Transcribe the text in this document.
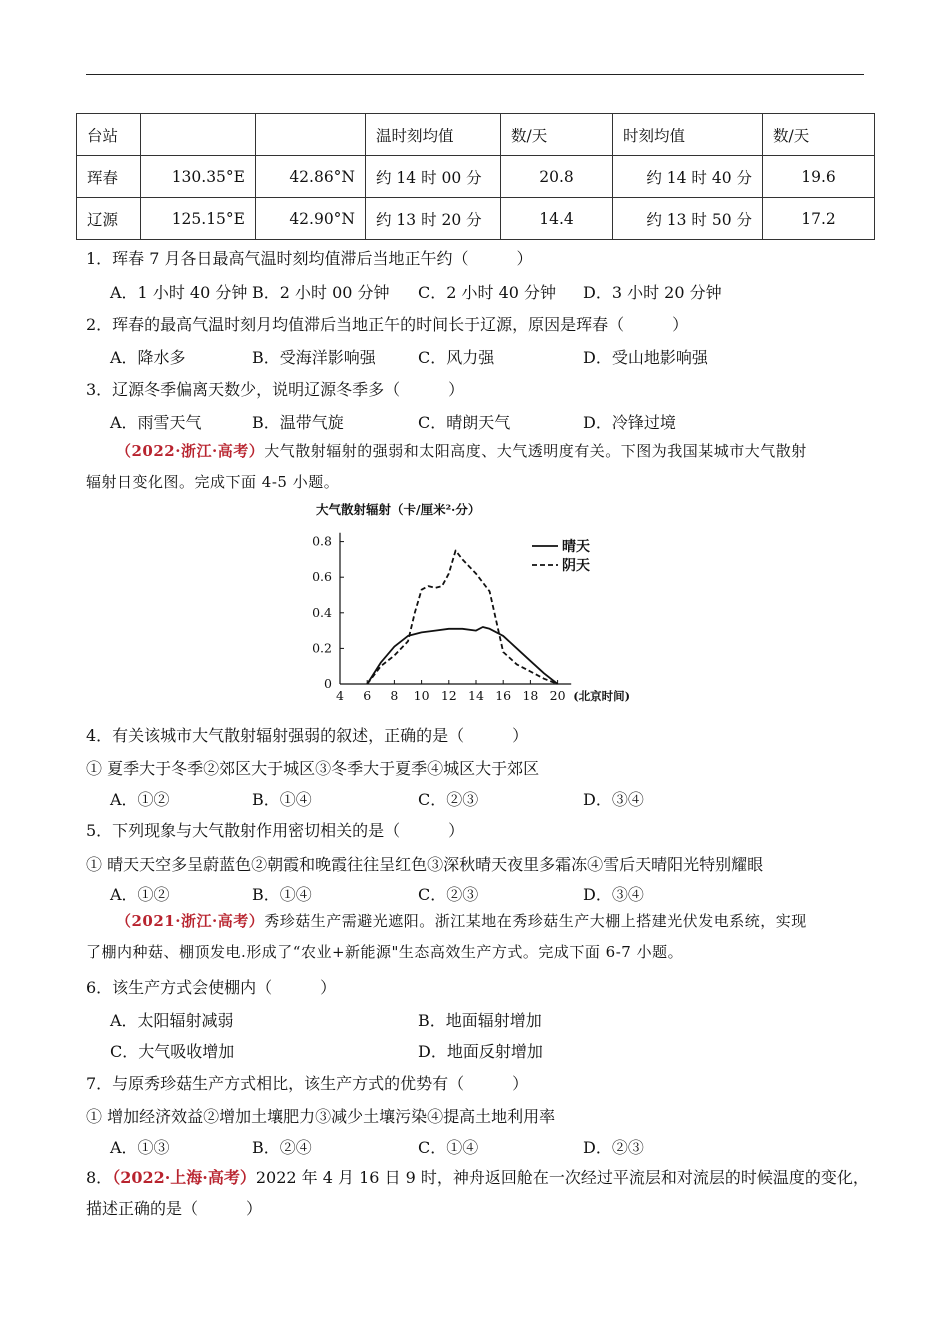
台站			温时刻均值	数/天	时刻均值	数/天
珲春	130.35°E	42.86°N	约 14 时 00 分	20.8	约 14 时 40 分	19.6
辽源	125.15°E	42.90°N	约 13 时 20 分	14.4	约 13 时 50 分	17.2
1．珲春 7 月各日最高气温时刻均值滞后当地正午约（　　　）
A．1 小时 40 分钟 B．2 小时 00 分钟 C．2 小时 40 分钟 D．3 小时 20 分钟
2．珲春的最高气温时刻月均值滞后当地正午的时间长于辽源，原因是珲春（　　　）
A．降水多	B．受海洋影响强	C．风力强	D．受山地影响强
3．辽源冬季偏离天数少，说明辽源冬季多（　　　）
A．雨雪天气	B．温带气旋	C．晴朗天气	D．冷锋过境

（2022·浙江·高考）大气散射辐射的强弱和太阳高度、大气透明度有关。下图为我国某城市大气散射

辐射日变化图。完成下面 4-5 小题。

大气散射辐射（卡/厘米²·分）
4 6 8 10 12 14 16 18 20
0
0.2
0.4
0.6
0.8
(北京时间)
晴天
阴天
4．有关该城市大气散射辐射强弱的叙述，正确的是（　　　）
① 夏季大于冬季②郊区大于城区③冬季大于夏季④城区大于郊区
A．①②	B．①④	C．②③	D．③④
5．下列现象与大气散射作用密切相关的是（　　　）
① 晴天天空多呈蔚蓝色②朝霞和晚霞往往呈红色③深秋晴天夜里多霜冻④雪后天晴阳光特别耀眼
A．①②	B．①④	C．②③	D．③④

（2021·浙江·高考）秀珍菇生产需避光遮阳。浙江某地在秀珍菇生产大棚上搭建光伏发电系统，实现

了棚内种菇、棚顶发电.形成了“农业+新能源"生态高效生产方式。完成下面 6-7 小题。

6．该生产方式会使棚内（　　　）
A．太阳辐射减弱	B．地面辐射增加
C．大气吸收增加	D．地面反射增加
7．与原秀珍菇生产方式相比，该生产方式的优势有（　　　）
① 增加经济效益②增加土壤肥力③减少土壤污染④提高土地利用率
A．①③	B．②④	C．①④	D．②③
8．（2022·上海·高考）2022 年 4 月 16 日 9 时，神舟返回舱在一次经过平流层和对流层的时候温度的变化，
描述正确的是（　　　）
